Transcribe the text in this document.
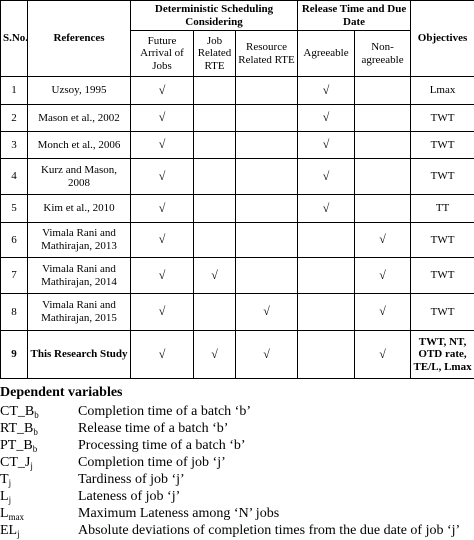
S.No.	References	Deterministic Scheduling Considering			Release Time and Due Date		Objectives
		Future Arrival of Jobs	Job Related RTE	Resource Related RTE	Agreeable	Non-agreeable	
1	Uzsoy, 1995	√			√		Lmax
2	Mason et al., 2002	√			√		TWT
3	Monch et al., 2006	√			√		TWT
4	Kurz and Mason, 2008	√			√		TWT
5	Kim et al., 2010	√			√		TT
6	Vimala Rani and Mathirajan, 2013	√				√	TWT
7	Vimala Rani and Mathirajan, 2014	√	√			√	TWT
8	Vimala Rani and Mathirajan, 2015	√		√		√	TWT
9	This Research Study	√	√	√		√	TWT, NT, OTD rate, TE/L, Lmax
Dependent variables
$CT\_B_b$	Completion time of a batch ‘b’
$RT\_B_b$	Release time of a batch ‘b’
$PT\_B_b$	Processing time of a batch ‘b’
$CT\_J_j$	Completion time of job ‘j’
$T_j$	Tardiness of job ‘j’
$L_j$	Lateness of job ‘j’
$L_{max}$	Maximum Lateness among ‘N’ jobs
$EL_j$	Absolute deviations of completion times from the due date of job ‘j’
